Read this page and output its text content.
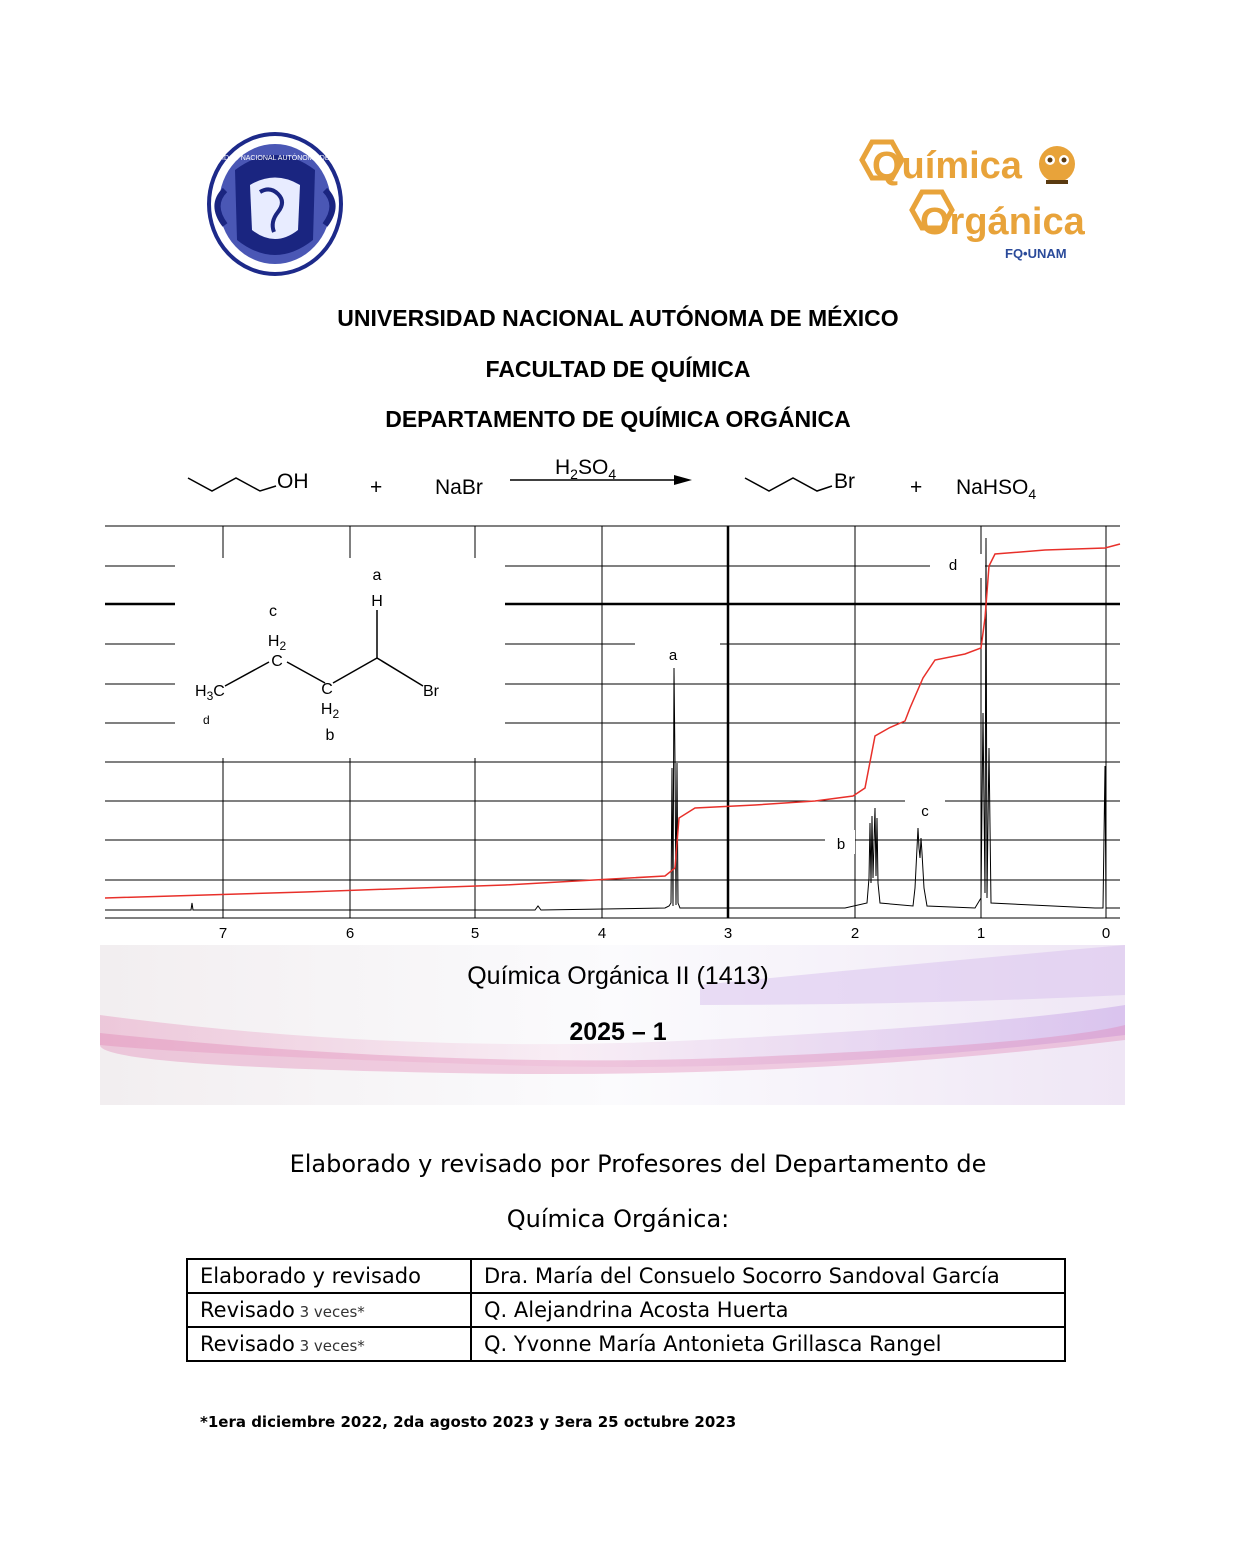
UNIVERSIDAD NACIONAL AUTÓNOMA DE MÉXICO	Química
Orgánica
FQ•UNAM
UNIVERSIDAD NACIONAL AUTÓNOMA DE MÉXICO
FACULTAD DE QUÍMICA
DEPARTAMENTO DE QUÍMICA ORGÁNICA
OH	+	NaBr
$H_2SO_4$	Br	+ NaHSO$_4$
7	6	5	4	3	2	1	0
a
b
c
d
a
H
c
$H_2$
C
$H_3C$	C	Br
$H_2$
d
b
Química Orgánica II (1413)
2025 – 1
Elaborado y revisado por Profesores del Departamento de
Química Orgánica:
Elaborado y revisado	Dra. María del Consuelo Socorro Sandoval García
Revisado 3 veces*	Q. Alejandrina Acosta Huerta
Revisado 3 veces*	Q. Yvonne María Antonieta Grillasca Rangel
*1era diciembre 2022, 2da agosto 2023 y 3era 25 octubre 2023
